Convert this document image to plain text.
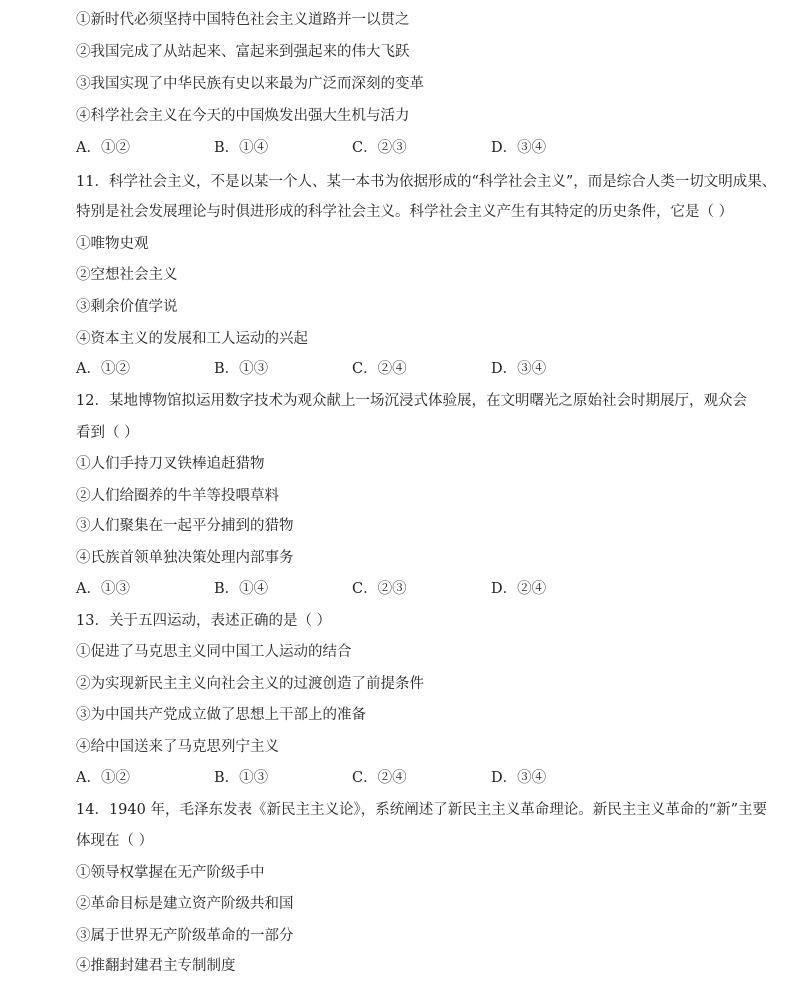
①新时代必须坚持中国特色社会主义道路并一以贯之
②我国完成了从站起来、富起来到强起来的伟大飞跃
③我国实现了中华民族有史以来最为广泛而深刻的变革
④科学社会主义在今天的中国焕发出强大生机与活力
A．①②	B．①④	C．②③	D．③④
11．科学社会主义，不是以某一个人、某一本书为依据形成的“科学社会主义”，而是综合人类一切文明成果、
特别是社会发展理论与时俱进形成的科学社会主义。科学社会主义产生有其特定的历史条件，它是（ ）
①唯物史观
②空想社会主义
③剩余价值学说
④资本主义的发展和工人运动的兴起
A．①②	B．①③	C．②④	D．③④
12．某地博物馆拟运用数字技术为观众献上一场沉浸式体验展，在文明曙光之原始社会时期展厅，观众会
看到（ ）
①人们手持刀叉铁棒追赶猎物
②人们给圈养的牛羊等投喂草料
③人们聚集在一起平分捕到的猎物
④氏族首领单独决策处理内部事务
A．①③	B．①④	C．②③	D．②④
13．关于五四运动，表述正确的是（ ）
①促进了马克思主义同中国工人运动的结合
②为实现新民主主义向社会主义的过渡创造了前提条件
③为中国共产党成立做了思想上干部上的准备
④给中国送来了马克思列宁主义
A．①②	B．①③	C．②④	D．③④
14．1940 年，毛泽东发表《新民主主义论》，系统阐述了新民主主义革命理论。新民主主义革命的“新”主要
体现在（ ）
①领导权掌握在无产阶级手中
②革命目标是建立资产阶级共和国
③属于世界无产阶级革命的一部分
④推翻封建君主专制制度
